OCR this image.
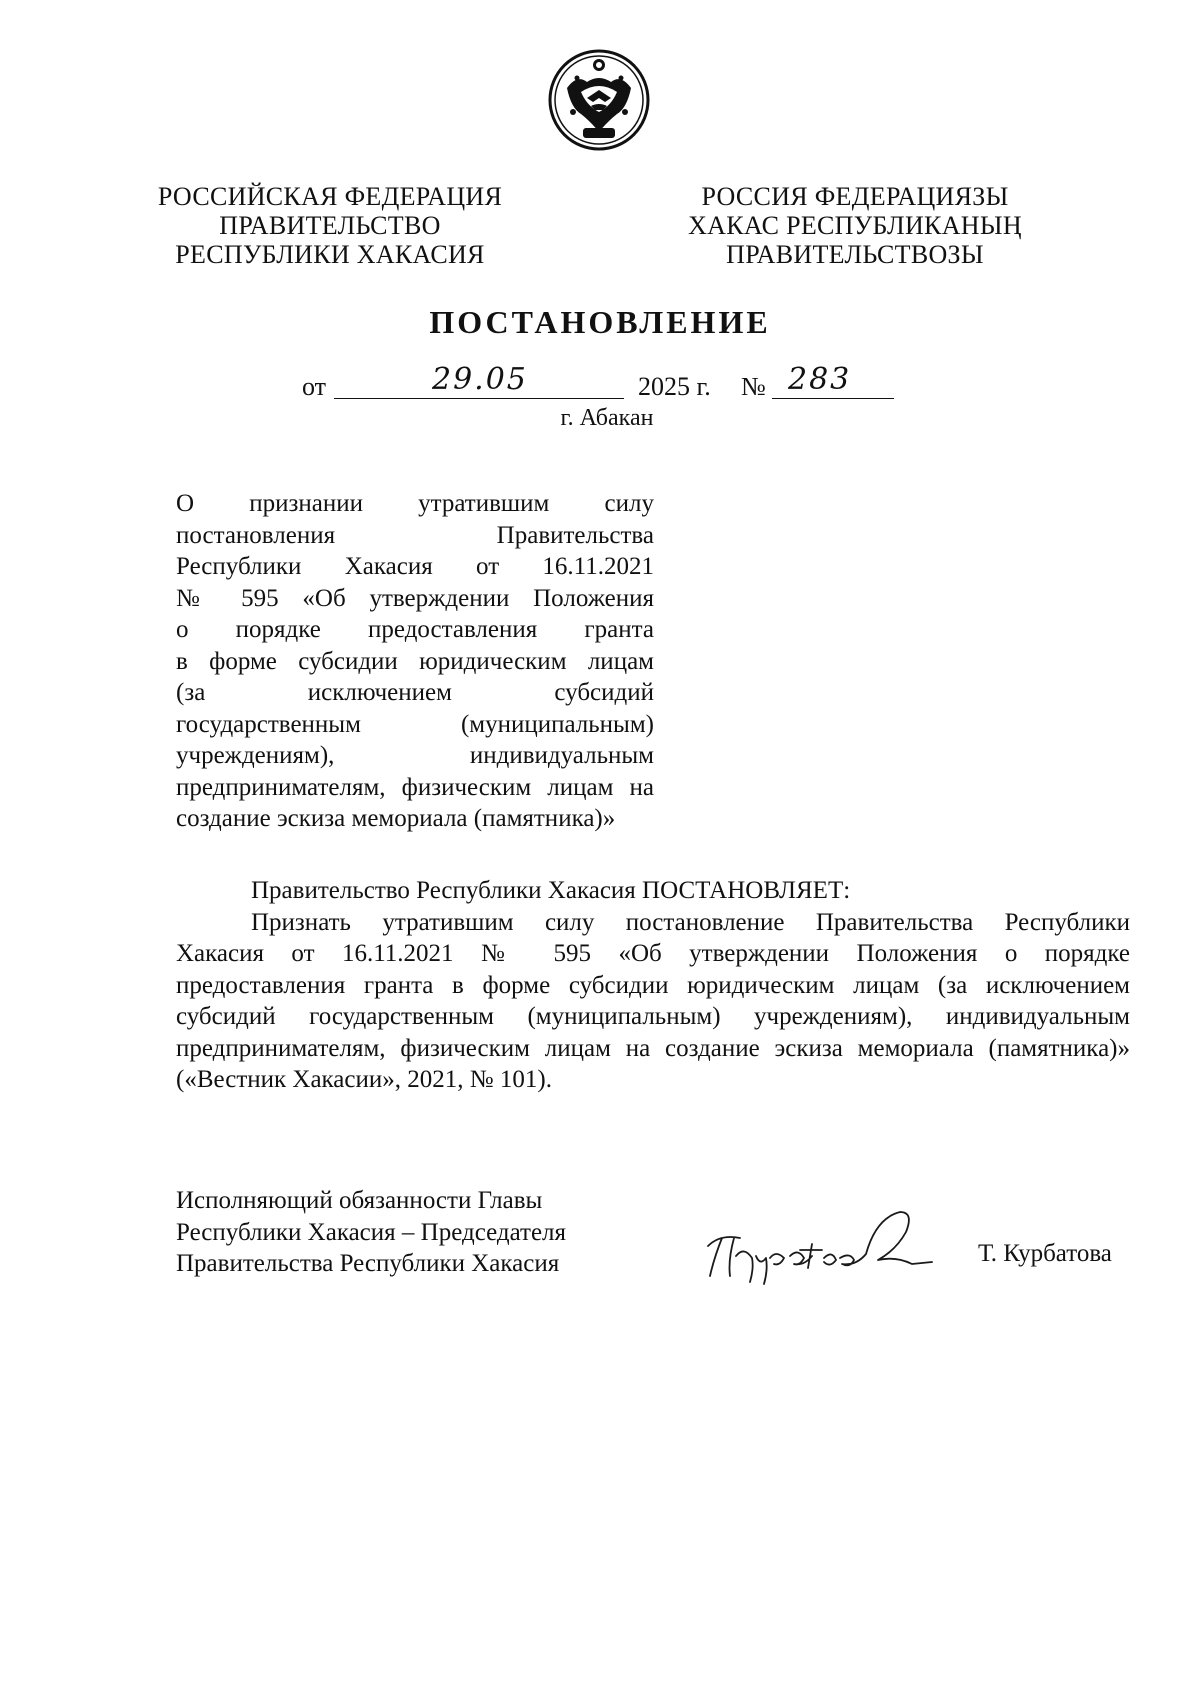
РОССИЙСКАЯ ФЕДЕРАЦИЯ
ПРАВИТЕЛЬСТВО
РЕСПУБЛИКИ ХАКАСИЯ
РОССИЯ ФЕДЕРАЦИЯЗЫ
ХАКАС РЕСПУБЛИКАНЫҢ
ПРАВИТЕЛЬСТВОЗЫ
ПОСТАНОВЛЕНИЕ
от	29.05	2025 г. № 283
г. Абакан
О признании утратившим силу
постановления Правительства
Республики Хакасия от 16.11.2021
№ 595 «Об утверждении Положения
о порядке предоставления гранта
в форме субсидии юридическим лицам
(за исключением субсидий
государственным (муниципальным)
учреждениям), индивидуальным
предпринимателям, физическим лицам на
создание эскиза мемориала (памятника)»
Правительство Республики Хакасия ПОСТАНОВЛЯЕТ:
Признать утратившим силу постановление Правительства Республики
Хакасия от 16.11.2021 № 595 «Об утверждении Положения о порядке
предоставления гранта в форме субсидии юридическим лицам (за исключением
субсидий государственным (муниципальным) учреждениям), индивидуальным
предпринимателям, физическим лицам на создание эскиза мемориала (памятника)»
(«Вестник Хакасии», 2021, № 101).
Исполняющий обязанности Главы
Республики Хакасия – Председателя
Правительства Республики Хакасия	Т. Курбатова
